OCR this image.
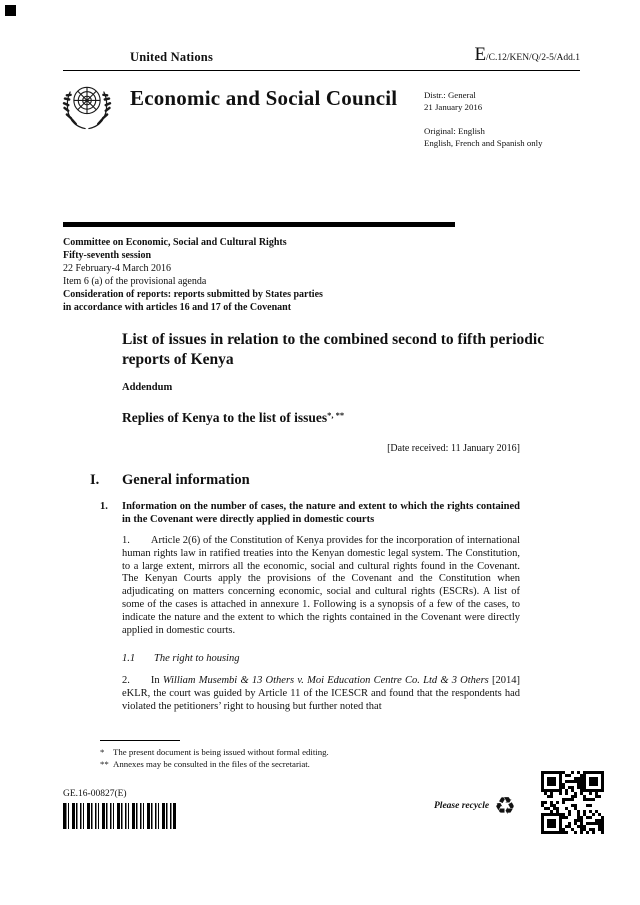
United Nations	E/C.12/KEN/Q/2-5/Add.1
Economic and Social Council	Distr.: General
21 January 2016
Original: English
English, French and Spanish only
Committee on Economic, Social and Cultural Rights
Fifty-seventh session
22 February-4 March 2016
Item 6 (a) of the provisional agenda
Consideration of reports: reports submitted by States parties
in accordance with articles 16 and 17 of the Covenant
List of issues in relation to the combined second to fifth periodic reports of Kenya
Addendum
Replies of Kenya to the list of issues*, **
[Date received: 11 January 2016]
I. General information
1. Information on the number of cases, the nature and extent to which the rights contained in the Covenant were directly applied in domestic courts

1. Article 2(6) of the Constitution of Kenya provides for the incorporation of international human rights law in ratified treaties into the Kenyan domestic legal system. The Constitution, to a large extent, mirrors all the economic, social and cultural rights found in the Covenant. The Kenyan Courts apply the provisions of the Covenant and the Constitution when adjudicating on matters concerning economic, social and cultural rights (ESCRs). A list of some of the cases is attached in annexure 1. Following is a synopsis of a few of the cases, to indicate the nature and the extent to which the rights contained in the Covenant were directly applied in domestic courts.

1.1 The right to housing

2. In William Musembi & 13 Others v. Moi Education Centre Co. Ltd & 3 Others [2014] eKLR, the court was guided by Article 11 of the ICESCR and found that the respondents had violated the petitioners’ right to housing but further noted that

* The present document is being issued without formal editing.
** Annexes may be consulted in the files of the secretariat.
GE.16-00827(E)
Please recycle ♻
